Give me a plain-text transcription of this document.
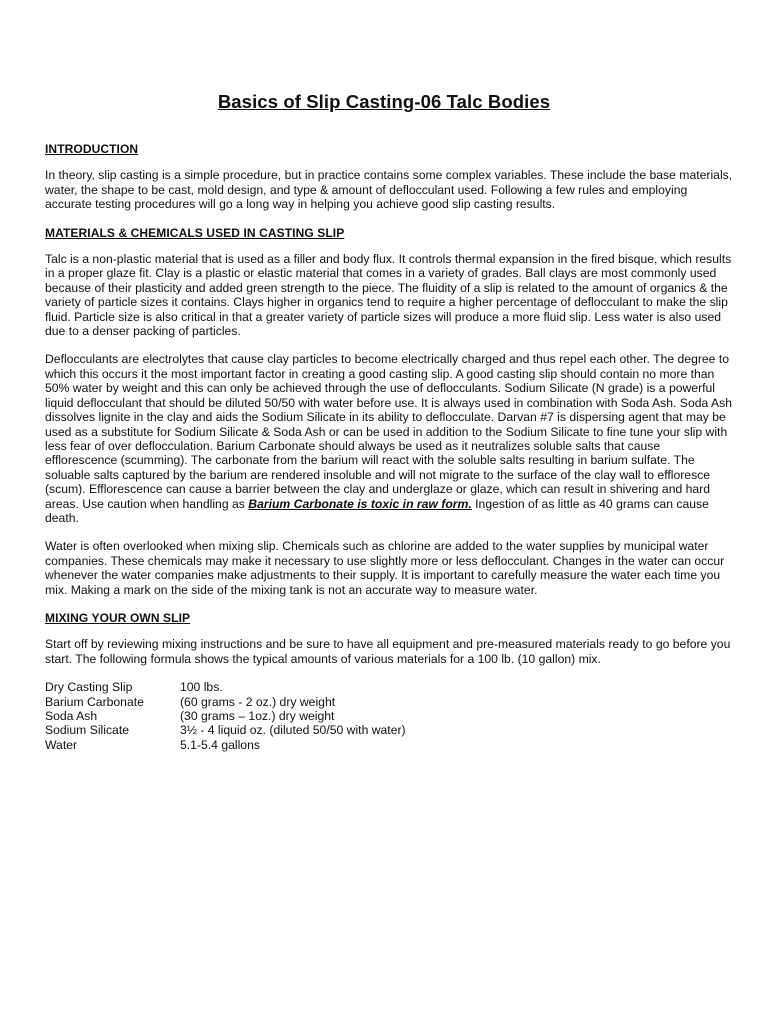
Basics of Slip Casting-06 Talc Bodies
INTRODUCTION

In theory, slip casting is a simple procedure, but in practice contains some complex variables. These include the base materials, water, the shape to be cast, mold design, and type & amount of deflocculant used. Following a few rules and employing accurate testing procedures will go a long way in helping you achieve good slip casting results.

MATERIALS & CHEMICALS USED IN CASTING SLIP

Talc is a non-plastic material that is used as a filler and body flux. It controls thermal expansion in the fired bisque, which results in a proper glaze fit. Clay is a plastic or elastic material that comes in a variety of grades. Ball clays are most commonly used because of their plasticity and added green strength to the piece. The fluidity of a slip is related to the amount of organics & the variety of particle sizes it contains. Clays higher in organics tend to require a higher percentage of deflocculant to make the slip fluid. Particle size is also critical in that a greater variety of particle sizes will produce a more fluid slip. Less water is also used due to a denser packing of particles.

Deflocculants are electrolytes that cause clay particles to become electrically charged and thus repel each other. The degree to which this occurs it the most important factor in creating a good casting slip. A good casting slip should contain no more than 50% water by weight and this can only be achieved through the use of deflocculants. Sodium Silicate (N grade) is a powerful liquid deflocculant that should be diluted 50/50 with water before use. It is always used in combination with Soda Ash. Soda Ash dissolves lignite in the clay and aids the Sodium Silicate in its ability to deflocculate. Darvan #7 is dispersing agent that may be used as a substitute for Sodium Silicate & Soda Ash or can be used in addition to the Sodium Silicate to fine tune your slip with less fear of over deflocculation. Barium Carbonate should always be used as it neutralizes soluble salts that cause efflorescence (scumming). The carbonate from the barium will react with the soluble salts resulting in barium sulfate. The soluable salts captured by the barium are rendered insoluble and will not migrate to the surface of the clay wall to effloresce (scum). Efflorescence can cause a barrier between the clay and underglaze or glaze, which can result in shivering and hard areas. Use caution when handling as Barium Carbonate is toxic in raw form. Ingestion of as little as 40 grams can cause death.

Water is often overlooked when mixing slip. Chemicals such as chlorine are added to the water supplies by municipal water companies. These chemicals may make it necessary to use slightly more or less deflocculant. Changes in the water can occur whenever the water companies make adjustments to their supply. It is important to carefully measure the water each time you mix. Making a mark on the side of the mixing tank is not an accurate way to measure water.

MIXING YOUR OWN SLIP

Start off by reviewing mixing instructions and be sure to have all equipment and pre-measured materials ready to go before you start. The following formula shows the typical amounts of various materials for a 100 lb. (10 gallon) mix.

Dry Casting Slip	100 lbs.
Barium Carbonate	(60 grams - 2 oz.) dry weight
Soda Ash	(30 grams – 1oz.) dry weight
Sodium Silicate	3½ - 4 liquid oz. (diluted 50/50 with water)
Water	5.1-5.4 gallons
